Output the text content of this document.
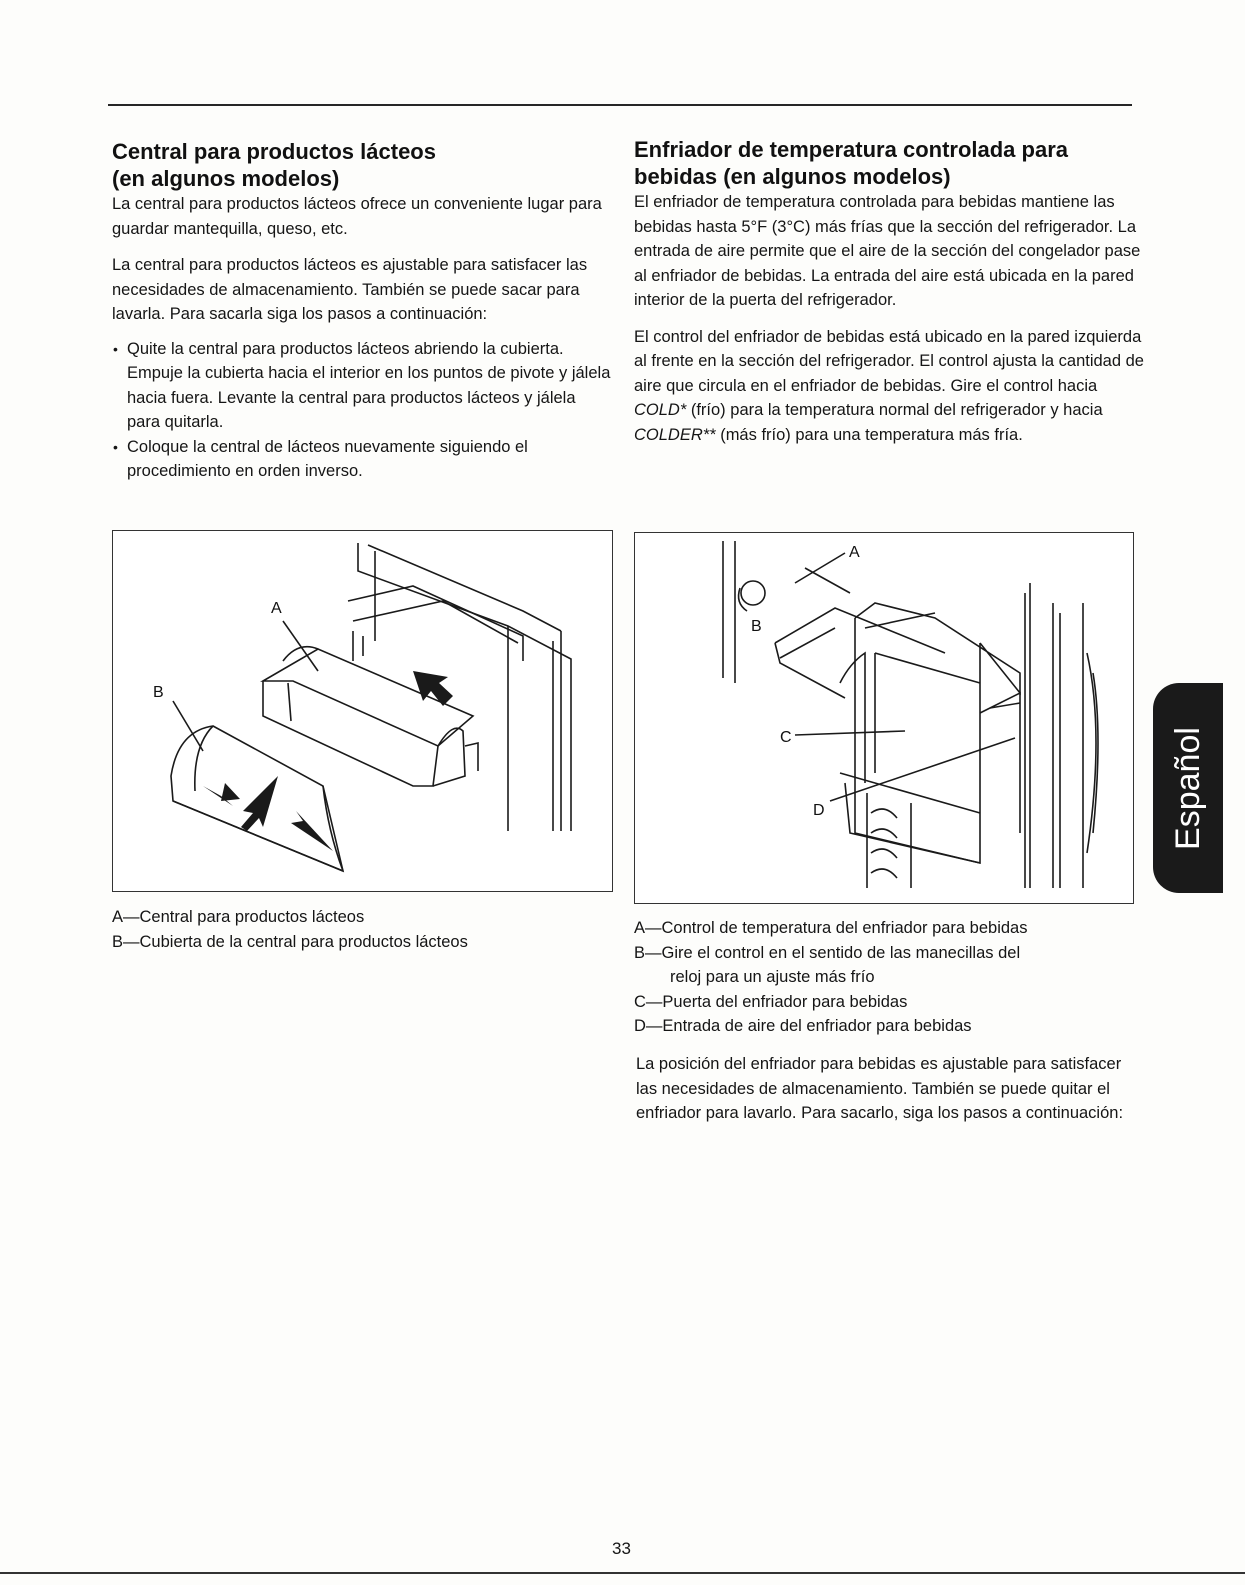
Central para productos lácteos
(en algunos modelos)

La central para productos lácteos ofrece un conveniente lugar para guardar mantequilla, queso, etc.

La central para productos lácteos es ajustable para satisfacer las necesidades de almacenamiento. También se puede sacar para lavarla. Para sacarla siga los pasos a continuación:

• Quite la central para productos lácteos abriendo la cubierta. Empuje la cubierta hacia el interior en los puntos de pivote y jálela hacia fuera. Levante la central para productos lácteos y jálela para quitarla.
• Coloque la central de lácteos nuevamente siguiendo el procedimiento en orden inverso.
A
B
A—Central para productos lácteos
B—Cubierta de la central para productos lácteos
Enfriador de temperatura controlada para
bebidas (en algunos modelos)

El enfriador de temperatura controlada para bebidas mantiene las bebidas hasta 5°F (3°C) más frías que la sección del refrigerador. La entrada de aire permite que el aire de la sección del congelador pase al enfriador de bebidas. La entrada del aire está ubicada en la pared interior de la puerta del refrigerador.

El control del enfriador de bebidas está ubicado en la pared izquierda al frente en la sección del refrigerador. El control ajusta la cantidad de aire que circula en el enfriador de bebidas. Gire el control hacia COLD* (frío) para la temperatura normal del refrigerador y hacia COLDER** (más frío) para una temperatura más fría.

A
B
C
D
A—Control de temperatura del enfriador para bebidas
B—Gire el control en el sentido de las manecillas del
reloj para un ajuste más frío
C—Puerta del enfriador para bebidas
D—Entrada de aire del enfriador para bebidas

La posición del enfriador para bebidas es ajustable para satisfacer las necesidades de almacenamiento. También se puede quitar el enfriador para lavarlo. Para sacarlo, siga los pasos a continuación:

Español
33
